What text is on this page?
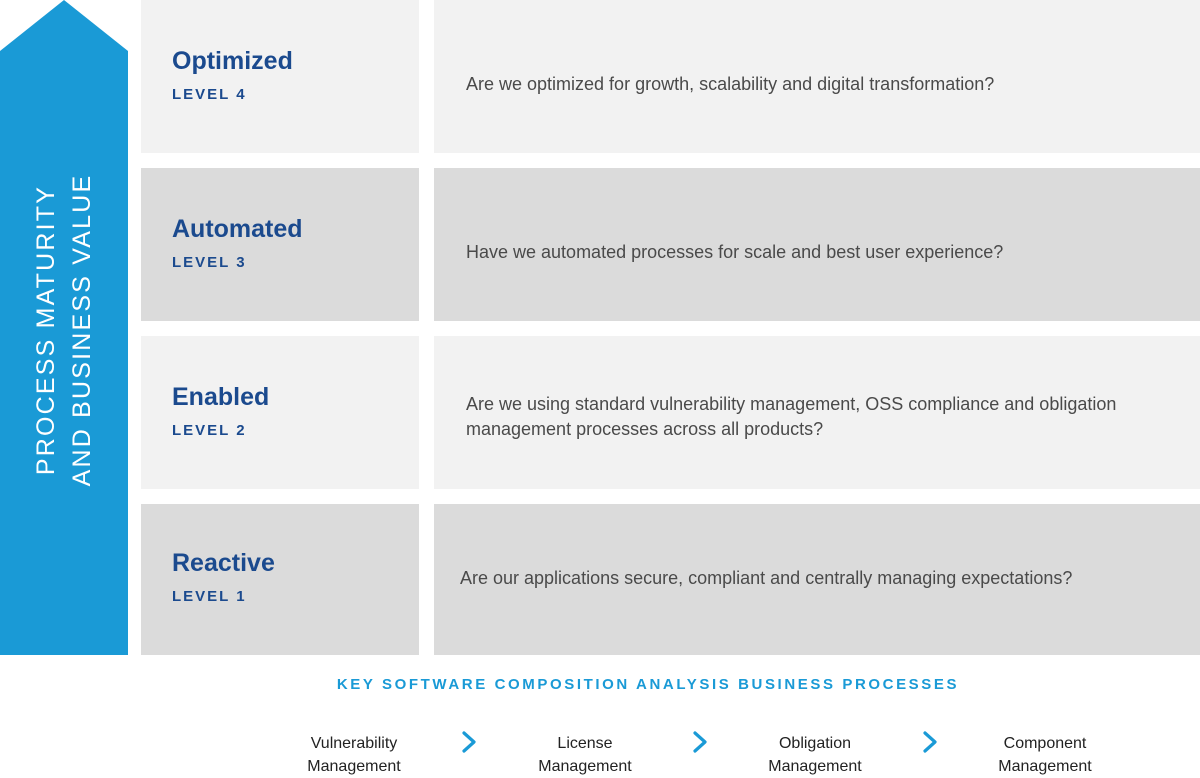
PROCESS MATURITY AND BUSINESS VALUE
Optimized
LEVEL 4
Are we optimized for growth, scalability and digital transformation?
Automated
LEVEL 3
Have we automated processes for scale and best user experience?
Enabled
LEVEL 2
Are we using standard vulnerability management, OSS compliance and obligation management processes across all products?
Reactive
LEVEL 1
Are our applications secure, compliant and centrally managing expectations?
KEY SOFTWARE COMPOSITION ANALYSIS BUSINESS PROCESSES
Vulnerability
Management
License
Management
Obligation
Management
Component
Management
